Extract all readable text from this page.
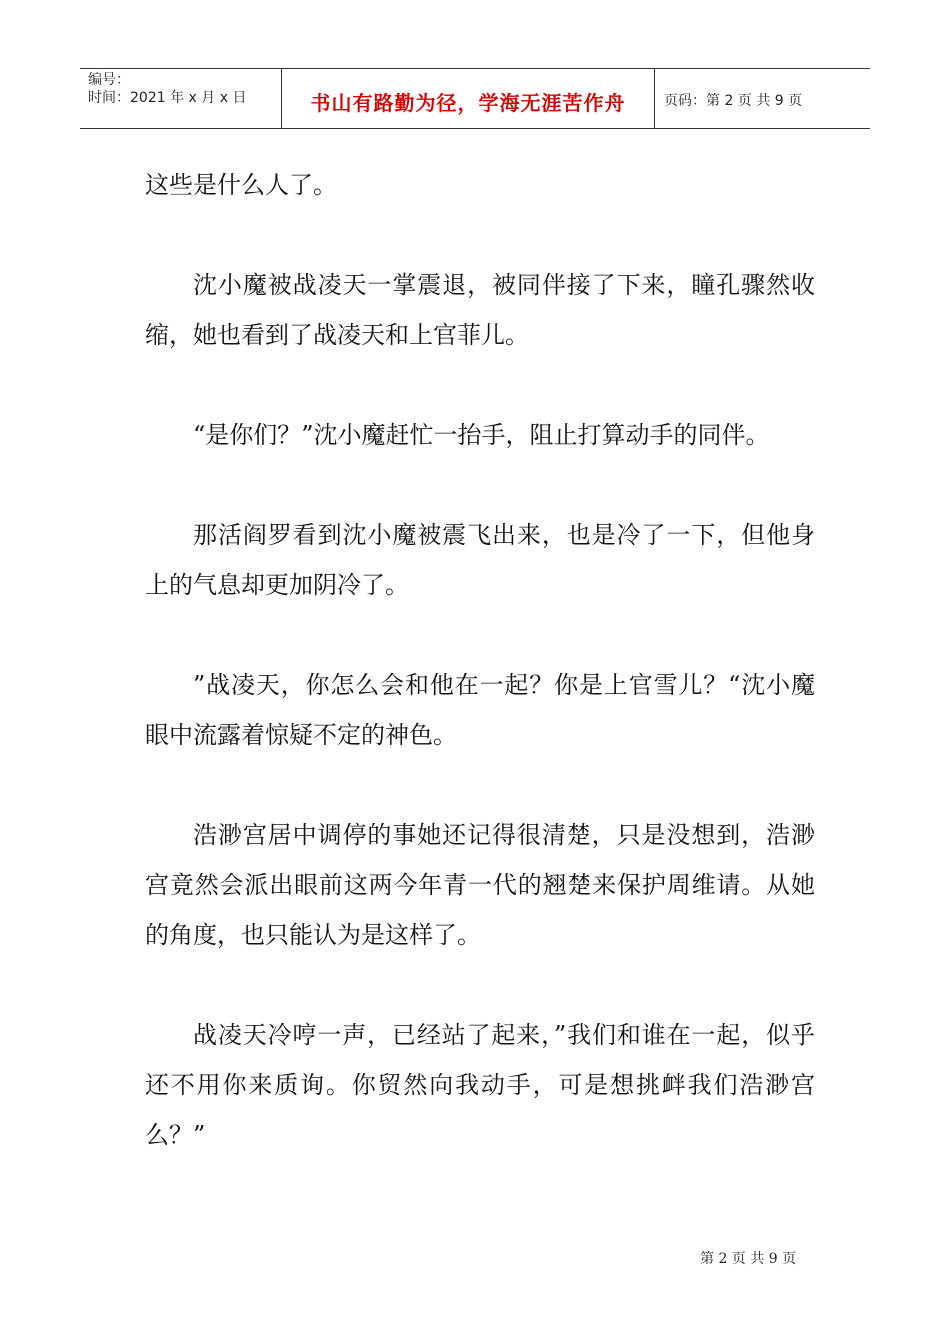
编号：
时间：2021 年 x 月 x 日	书山有路勤为径，学海无涯苦作舟	页码：第 2 页 共 9 页

这些是什么人了。

沈小魔被战凌天一掌震退，被同伴接了下来，瞳孔骤然收缩，她也看到了战凌天和上官菲儿。

“是你们？”沈小魔赶忙一抬手，阻止打算动手的同伴。

那活阎罗看到沈小魔被震飞出来，也是冷了一下，但他身上的气息却更加阴冷了。

”战凌天，你怎么会和他在一起？你是上官雪儿？“沈小魔眼中流露着惊疑不定的神色。

浩渺宫居中调停的事她还记得很清楚，只是没想到，浩渺宫竟然会派出眼前这两今年青一代的翘楚来保护周维请。从她的角度，也只能认为是这样了。

战凌天冷哼一声，已经站了起来，”我们和谁在一起，似乎还不用你来质询。你贸然向我动手，可是想挑衅我们浩渺宫么？”

第 2 页 共 9 页
